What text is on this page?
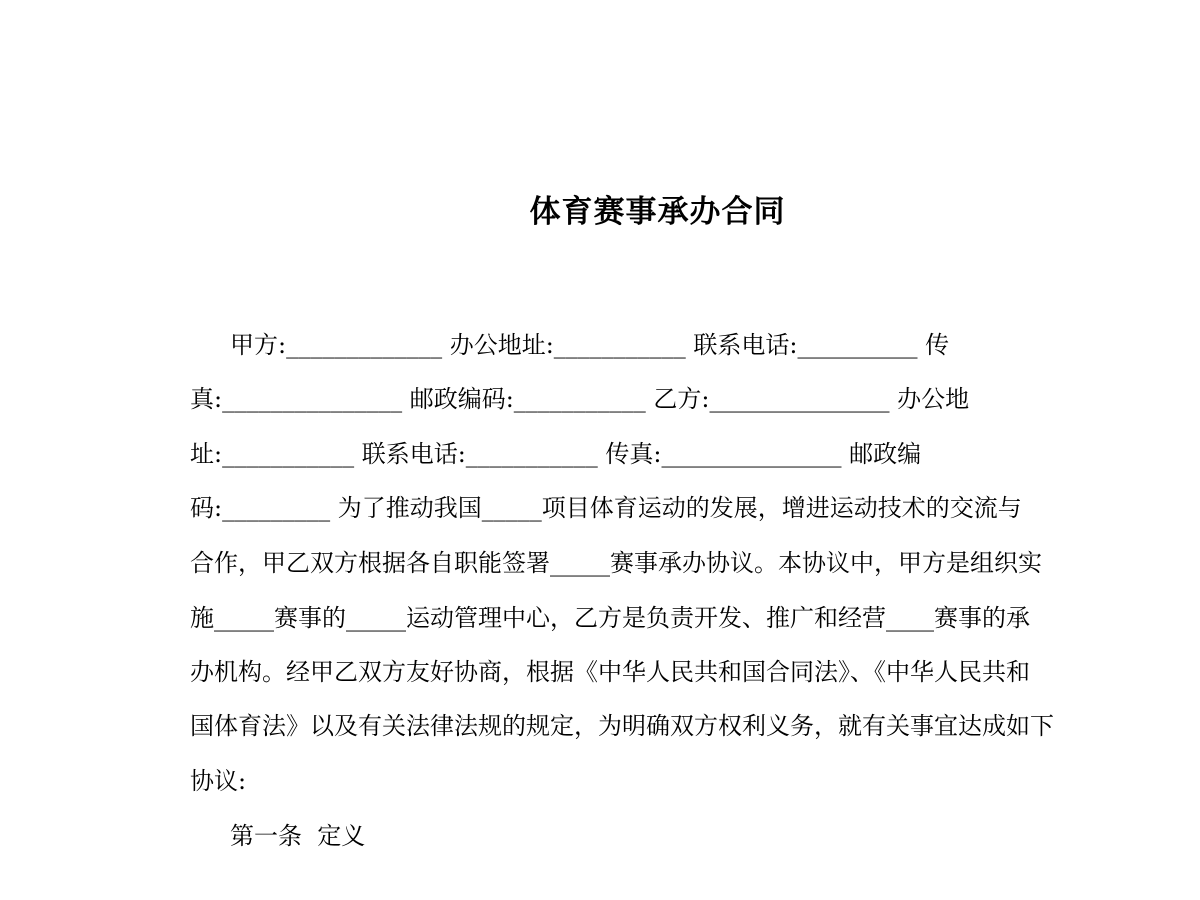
体育赛事承办合同
甲方:_____________ 办公地址:___________ 联系电话:__________ 传
真:_______________ 邮政编码:___________ 乙方:_______________ 办公地
址:___________ 联系电话:___________ 传真:_______________ 邮政编
码:_________ 为了推动我国_____项目体育运动的发展，增进运动技术的交流与
合作，甲乙双方根据各自职能签署_____赛事承办协议。本协议中，甲方是组织实
施_____赛事的_____运动管理中心，乙方是负责开发、推广和经营____赛事的承
办机构。经甲乙双方友好协商，根据《中华人民共和国合同法》、《中华人民共和
国体育法》以及有关法律法规的规定，为明确双方权利义务，就有关事宜达成如下
协议:
第一条  定义
